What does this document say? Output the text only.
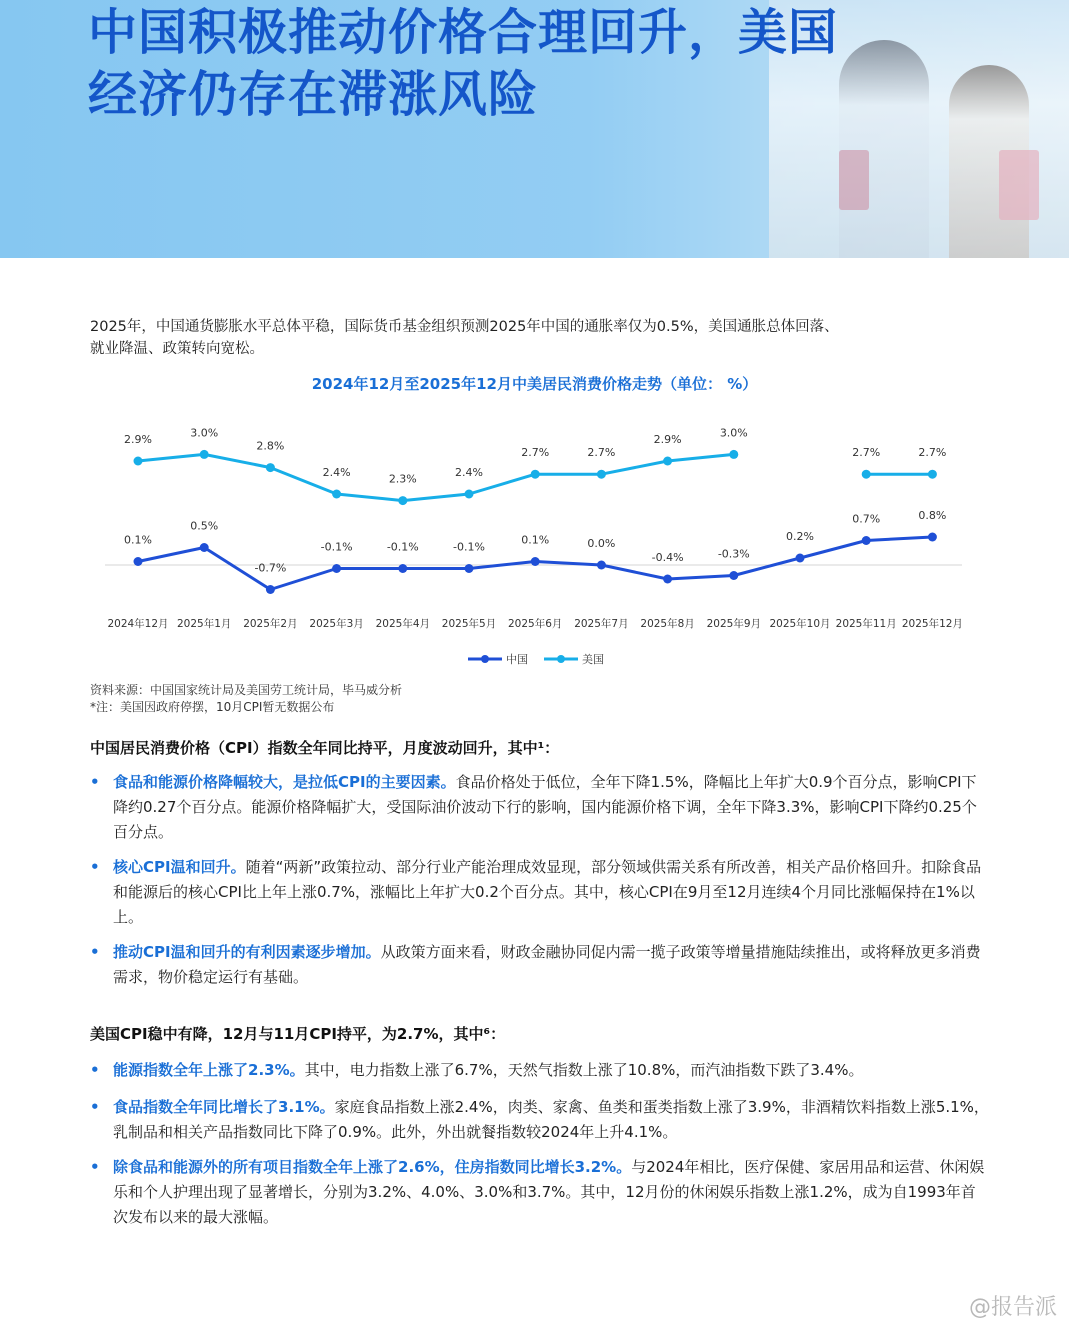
中国积极推动价格合理回升，美国
经济仍存在滞涨风险

2025年，中国通货膨胀水平总体平稳，国际货币基金组织预测2025年中国的通胀率仅为0.5%，美国通胀总体回落、
就业降温、政策转向宽松。

2024年12月至2025年12月中美居民消费价格走势（单位： %）
0.1%
0.5%
-0.7%
-0.1%	-0.1%	-0.1%
0.1%	0.0%
-0.4%	-0.3%
0.2%
0.7%	0.8%
2.9%
3.0%
2.8%
2.4%
2.3%
2.4%
2.7%	2.7%
2.9%
3.0%
2.7%	2.7%
2024年12月 2025年1月 2025年2月 2025年3月 2025年4月 2025年5月 2025年6月 2025年7月 2025年8月 2025年9月 2025年10月 2025年11月 2025年12月
中国	美国
资料来源：中国国家统计局及美国劳工统计局，毕马威分析
*注：美国因政府停摆，10月CPI暂无数据公布
中国居民消费价格（CPI）指数全年同比持平，月度波动回升，其中¹：
• 食品和能源价格降幅较大，是拉低CPI的主要因素。食品价格处于低位，全年下降1.5%，降幅比上年扩大0.9个百分点，影响CPI下降约0.27个百分点。能源价格降幅扩大，受国际油价波动下行的影响，国内能源价格下调，全年下降3.3%，影响CPI下降约0.25个百分点。
• 核心CPI温和回升。随着“两新”政策拉动、部分行业产能治理成效显现，部分领域供需关系有所改善，相关产品价格回升。扣除食品和能源后的核心CPI比上年上涨0.7%，涨幅比上年扩大0.2个百分点。其中，核心CPI在9月至12月连续4个月同比涨幅保持在1%以上。
• 推动CPI温和回升的有利因素逐步增加。从政策方面来看，财政金融协同促内需一揽子政策等增量措施陆续推出，或将释放更多消费需求，物价稳定运行有基础。
美国CPI稳中有降，12月与11月CPI持平，为2.7%，其中⁶：
• 能源指数全年上涨了2.3%。其中，电力指数上涨了6.7%，天然气指数上涨了10.8%，而汽油指数下跌了3.4%。
• 食品指数全年同比增长了3.1%。家庭食品指数上涨2.4%，肉类、家禽、鱼类和蛋类指数上涨了3.9%，非酒精饮料指数上涨5.1%，乳制品和相关产品指数同比下降了0.9%。此外，外出就餐指数较2024年上升4.1%。
• 除食品和能源外的所有项目指数全年上涨了2.6%，住房指数同比增长3.2%。与2024年相比，医疗保健、家居用品和运营、休闲娱乐和个人护理出现了显著增长，分别为3.2%、4.0%、3.0%和3.7%。其中，12月份的休闲娱乐指数上涨1.2%，成为自1993年首次发布以来的最大涨幅。
@报告派
